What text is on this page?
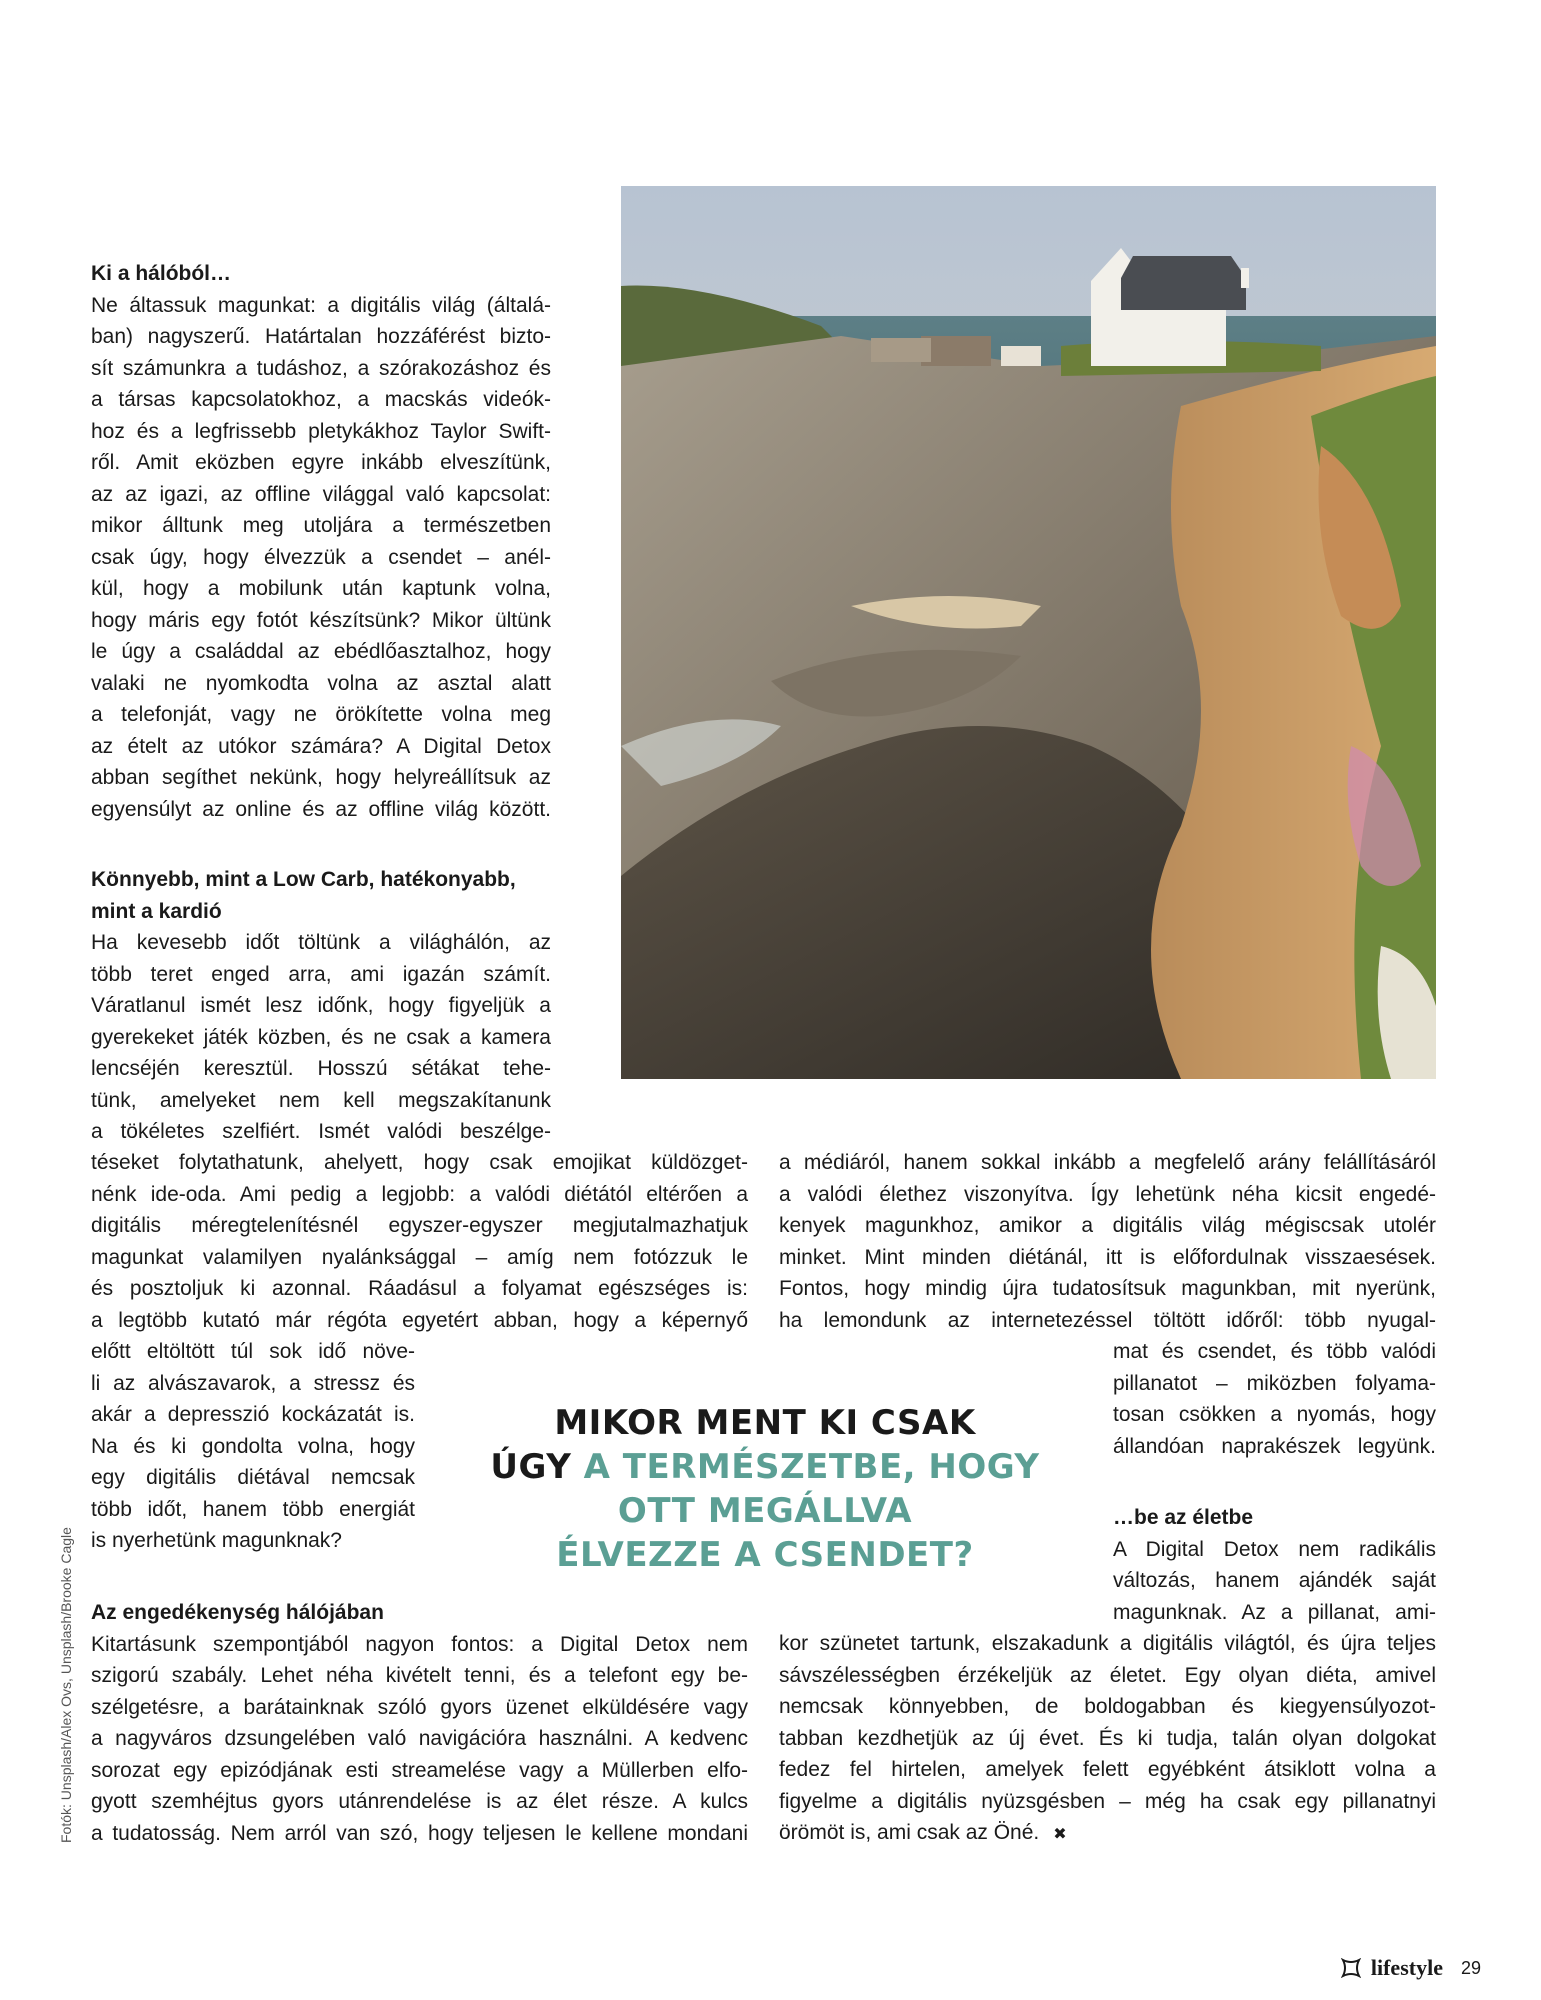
Ki a hálóból…

Ne áltassuk magunkat: a digitális világ (általá-

ban) nagyszerű. Határtalan hozzáférést bizto-

sít számunkra a tudáshoz, a szórakozáshoz és

a társas kapcsolatokhoz, a macskás videók-

hoz és a legfrissebb pletykákhoz Taylor Swift-

ről. Amit eközben egyre inkább elveszítünk,

az az igazi, az offline világgal való kapcsolat:

mikor álltunk meg utoljára a természetben

csak úgy, hogy élvezzük a csendet – anél-

kül, hogy a mobilunk után kaptunk volna,

hogy máris egy fotót készítsünk? Mikor ültünk

le úgy a családdal az ebédlőasztalhoz, hogy

valaki ne nyomkodta volna az asztal alatt

a telefonját, vagy ne örökítette volna meg

az ételt az utókor számára? A Digital Detox

abban segíthet nekünk, hogy helyreállítsuk az

egyensúlyt az online és az offline világ között.

Könnyebb, mint a Low Carb, hatékonyabb,

mint a kardió

Ha kevesebb időt töltünk a világhálón, az

több teret enged arra, ami igazán számít.

Váratlanul ismét lesz időnk, hogy figyeljük a

gyerekeket játék közben, és ne csak a kamera

lencséjén keresztül. Hosszú sétákat tehe-

tünk, amelyeket nem kell megszakítanunk

a tökéletes szelfiért. Ismét valódi beszélge-

téseket folytathatunk, ahelyett, hogy csak emojikat küldözget-

nénk ide-oda. Ami pedig a legjobb: a valódi diétától eltérően a

digitális méregtelenítésnél egyszer-egyszer megjutalmazhatjuk

magunkat valamilyen nyalánksággal – amíg nem fotózzuk le

és posztoljuk ki azonnal. Ráadásul a folyamat egészséges is:

a legtöbb kutató már régóta egyetért abban, hogy a képernyő

előtt eltöltött túl sok idő növe-

li az alvászavarok, a stressz és

akár a depresszió kockázatát is.

Na és ki gondolta volna, hogy

egy digitális diétával nemcsak

több időt, hanem több energiát

is nyerhetünk magunknak?

Az engedékenység hálójában

Kitartásunk szempontjából nagyon fontos: a Digital Detox nem

szigorú szabály. Lehet néha kivételt tenni, és a telefont egy be-

szélgetésre, a barátainknak szóló gyors üzenet elküldésére vagy

a nagyváros dzsungelében való navigációra használni. A kedvenc

sorozat egy epizódjának esti streamelése vagy a Müllerben elfo-

gyott szemhéjtus gyors utánrendelése is az élet része. A kulcs

a tudatosság. Nem arról van szó, hogy teljesen le kellene mondani

a médiáról, hanem sokkal inkább a megfelelő arány felállításáról

a valódi élethez viszonyítva. Így lehetünk néha kicsit engedé-

kenyek magunkhoz, amikor a digitális világ mégiscsak utolér

minket. Mint minden diétánál, itt is előfordulnak visszaesések.

Fontos, hogy mindig újra tudatosítsuk magunkban, mit nyerünk,

ha lemondunk az internetezéssel töltött időről: több nyugal-

mat és csendet, és több valódi

pillanatot – miközben folyama-

tosan csökken a nyomás, hogy

állandóan naprakészek legyünk.

…be az életbe

A Digital Detox nem radikális

változás, hanem ajándék saját

magunknak. Az a pillanat, ami-

kor szünetet tartunk, elszakadunk a digitális világtól, és újra teljes

sávszélességben érzékeljük az életet. Egy olyan diéta, amivel

nemcsak könnyebben, de boldogabban és kiegyensúlyozot-

tabban kezdhetjük az új évet. És ki tudja, talán olyan dolgokat

fedez fel hirtelen, amelyek felett egyébként átsiklott volna a

figyelme a digitális nyüzsgésben – még ha csak egy pillanatnyi

örömöt is, ami csak az Öné. ✖

MIKOR MENT KI CSAK
ÚGY A TERMÉSZETBE, HOGY
OTT MEGÁLLVA
ÉLVEZZE A CSENDET?
Fotók: Unsplash/Alex Ovs, Unsplash/Brooke Cagle
lifestyle 29
